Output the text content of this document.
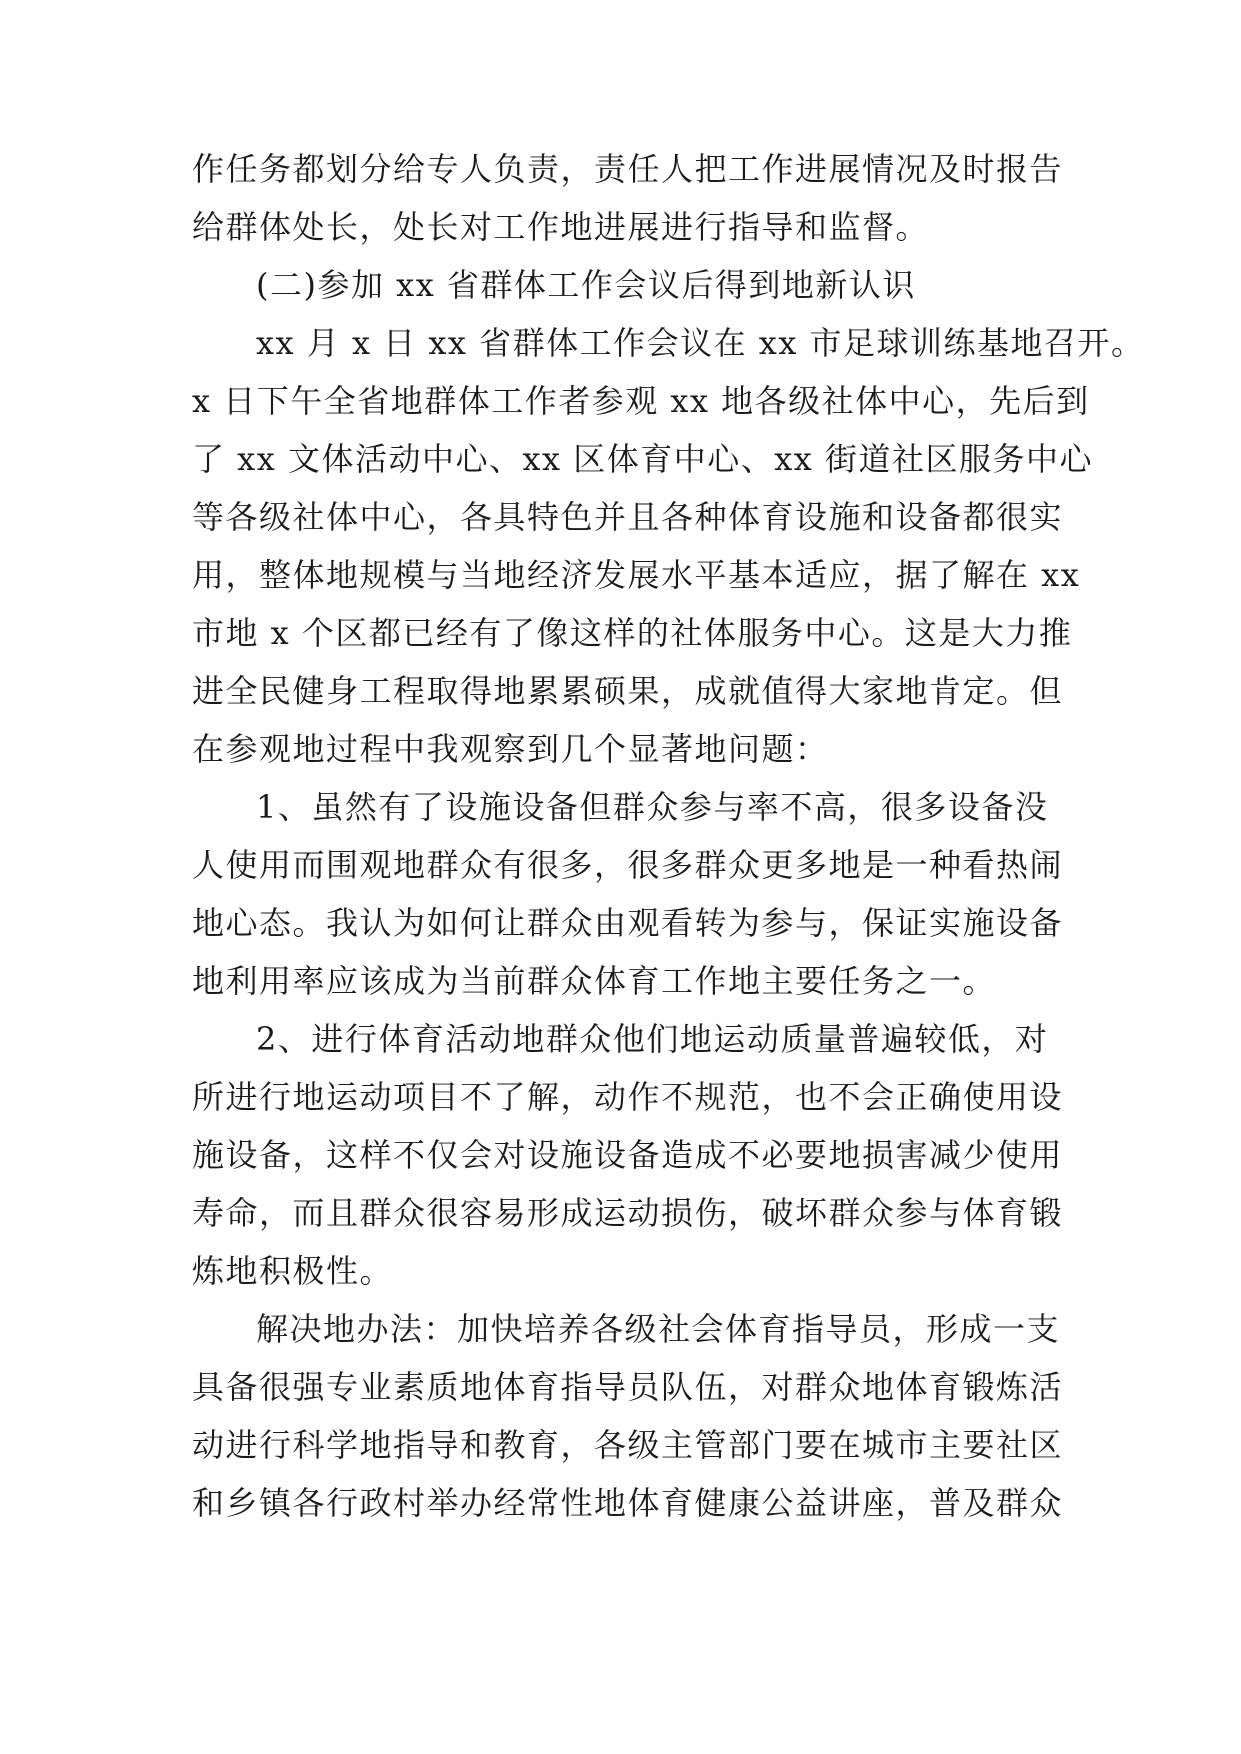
作任务都划分给专人负责，责任人把工作进展情况及时报告
给群体处长，处长对工作地进展进行指导和监督。
(二)参加 xx 省群体工作会议后得到地新认识
xx 月 x 日 xx 省群体工作会议在 xx 市足球训练基地召开。
x 日下午全省地群体工作者参观 xx 地各级社体中心，先后到
了 xx 文体活动中心、xx 区体育中心、xx 街道社区服务中心
等各级社体中心，各具特色并且各种体育设施和设备都很实
用，整体地规模与当地经济发展水平基本适应，据了解在 xx
市地 x 个区都已经有了像这样的社体服务中心。这是大力推
进全民健身工程取得地累累硕果，成就值得大家地肯定。但
在参观地过程中我观察到几个显著地问题：
1、虽然有了设施设备但群众参与率不高，很多设备没
人使用而围观地群众有很多，很多群众更多地是一种看热闹
地心态。我认为如何让群众由观看转为参与，保证实施设备
地利用率应该成为当前群众体育工作地主要任务之一。
2、进行体育活动地群众他们地运动质量普遍较低，对
所进行地运动项目不了解，动作不规范，也不会正确使用设
施设备，这样不仅会对设施设备造成不必要地损害减少使用
寿命，而且群众很容易形成运动损伤，破坏群众参与体育锻
炼地积极性。
解决地办法：加快培养各级社会体育指导员，形成一支
具备很强专业素质地体育指导员队伍，对群众地体育锻炼活
动进行科学地指导和教育，各级主管部门要在城市主要社区
和乡镇各行政村举办经常性地体育健康公益讲座，普及群众
